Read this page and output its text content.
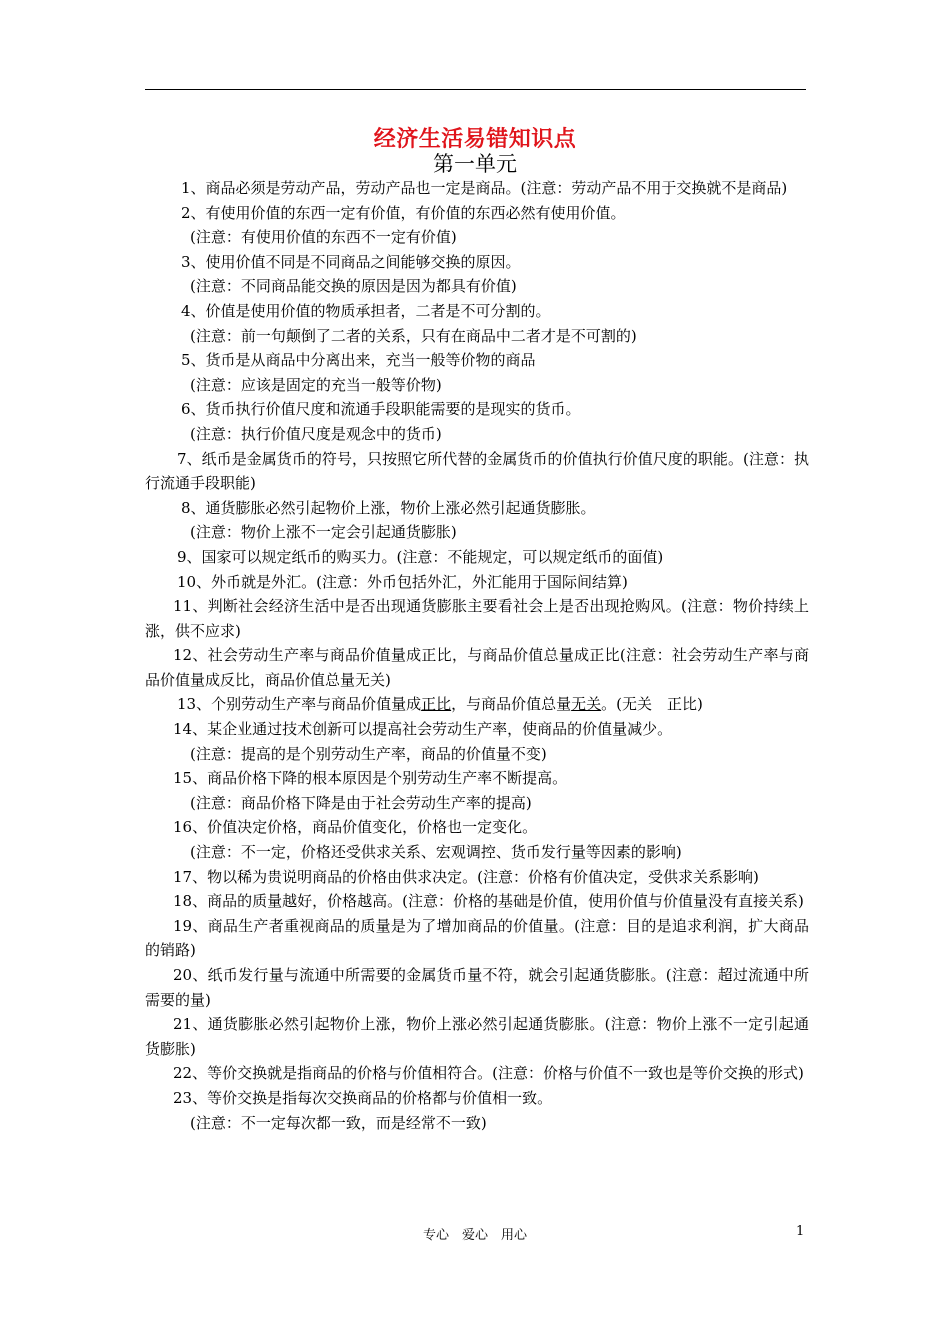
经济生活易错知识点
第一单元

1、商品必须是劳动产品，劳动产品也一定是商品。(注意：劳动产品不用于交换就不是商品)

2、有使用价值的东西一定有价值，有价值的东西必然有使用价值。

(注意：有使用价值的东西不一定有价值)

3、使用价值不同是不同商品之间能够交换的原因。

(注意：不同商品能交换的原因是因为都具有价值)

4、价值是使用价值的物质承担者，二者是不可分割的。

(注意：前一句颠倒了二者的关系，只有在商品中二者才是不可割的)

5、货币是从商品中分离出来，充当一般等价物的商品

(注意：应该是固定的充当一般等价物)

6、货币执行价值尺度和流通手段职能需要的是现实的货币。

(注意：执行价值尺度是观念中的货币)

7、纸币是金属货币的符号，只按照它所代替的金属货币的价值执行价值尺度的职能。(注意：执行流通手段职能)

8、通货膨胀必然引起物价上涨，物价上涨必然引起通货膨胀。

(注意：物价上涨不一定会引起通货膨胀)

9、国家可以规定纸币的购买力。(注意：不能规定，可以规定纸币的面值)

10、外币就是外汇。(注意：外币包括外汇，外汇能用于国际间结算)

11、判断社会经济生活中是否出现通货膨胀主要看社会上是否出现抢购风。(注意：物价持续上涨，供不应求)

12、社会劳动生产率与商品价值量成正比，与商品价值总量成正比(注意：社会劳动生产率与商品价值量成反比，商品价值总量无关)

13、个别劳动生产率与商品价值量成正比，与商品价值总量无关。(无关　正比)

14、某企业通过技术创新可以提高社会劳动生产率，使商品的价值量减少。

(注意：提高的是个别劳动生产率，商品的价值量不变)

15、商品价格下降的根本原因是个别劳动生产率不断提高。

(注意：商品价格下降是由于社会劳动生产率的提高)

16、价值决定价格，商品价值变化，价格也一定变化。

(注意：不一定，价格还受供求关系、宏观调控、货币发行量等因素的影响)

17、物以稀为贵说明商品的价格由供求决定。(注意：价格有价值决定，受供求关系影响)

18、商品的质量越好，价格越高。(注意：价格的基础是价值，使用价值与价值量没有直接关系)

19、商品生产者重视商品的质量是为了增加商品的价值量。(注意：目的是追求利润，扩大商品的销路)

20、纸币发行量与流通中所需要的金属货币量不符，就会引起通货膨胀。(注意：超过流通中所需要的量)

21、通货膨胀必然引起物价上涨，物价上涨必然引起通货膨胀。(注意：物价上涨不一定引起通货膨胀)

22、等价交换就是指商品的价格与价值相符合。(注意：价格与价值不一致也是等价交换的形式)

23、等价交换是指每次交换商品的价格都与价值相一致。

(注意：不一定每次都一致，而是经常不一致)

专心　爱心　用心	1
